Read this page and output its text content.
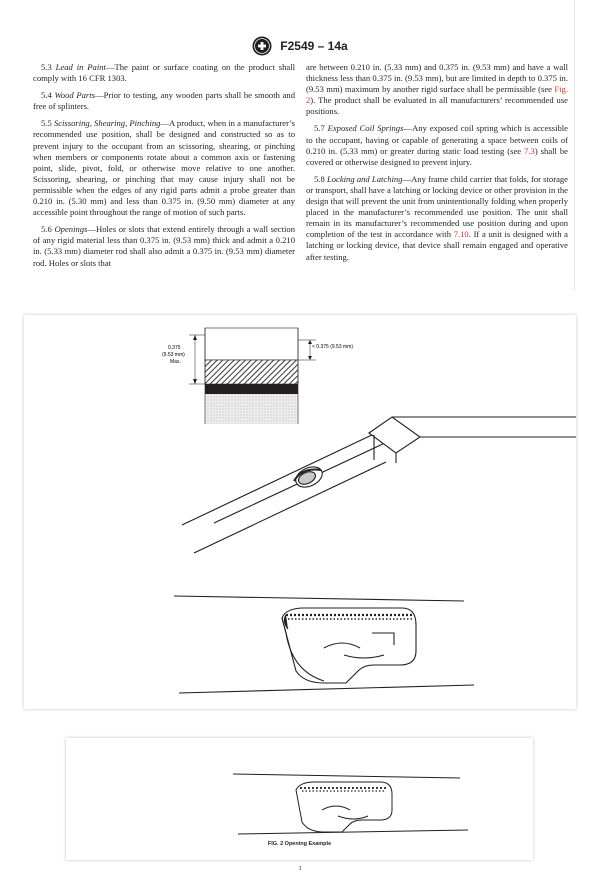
F2549 – 14a

5.3 Lead in Paint—The paint or surface coating on the product shall comply with 16 CFR 1303.

5.4 Wood Parts—Prior to testing, any wooden parts shall be smooth and free of splinters.

5.5 Scissoring, Shearing, Pinching—A product, when in a manufacturer’s recommended use position, shall be designed and constructed so as to prevent injury to the occupant from an scissoring, shearing, or pinching when members or components rotate about a common axis or fastening point, slide, pivot, fold, or otherwise move relative to one another. Scissoring, shearing, or pinching that may cause injury shall not be permissible when the edges of any rigid parts admit a probe greater than 0.210 in. (5.30 mm) and less than 0.375 in. (9.50 mm) diameter at any accessible point throughout the range of motion of such parts.

5.6 Openings—Holes or slots that extend entirely through a wall section of any rigid material less than 0.375 in. (9.53 mm) thick and admit a 0.210 in. (5.33 mm) diameter rod shall also admit a 0.375 in. (9.53 mm) diameter rod. Holes or slots that

are between 0.210 in. (5.33 mm) and 0.375 in. (9.53 mm) and have a wall thickness less than 0.375 in. (9.53 mm), but are limited in depth to 0.375 in. (9.53 mm) maximum by another rigid surface shall be permissible (see Fig. 2). The product shall be evaluated in all manufacturers’ recommended use positions.

5.7 Exposed Coil Springs—Any exposed coil spring which is accessible to the occupant, having or capable of generating a space between coils of 0.210 in. (5.33 mm) or greater during static load testing (see 7.3) shall be covered or otherwise designed to prevent injury.

5.8 Locking and Latching—Any frame child carrier that folds, for storage or transport, shall have a latching or locking device or other provision in the design that will prevent the unit from unintentionally folding when properly placed in the manufacturer’s recommended use position. The unit shall remain in its manufacturer’s recommended use position during and upon completion of the test in accordance with 7.10. If a unit is designed with a latching or locking device, that device shall remain engaged and operative after testing.

0.375
(9.53 mm)
Max.
< 0.375 (9.53 mm)
FIG. 2 Opening Example
3
